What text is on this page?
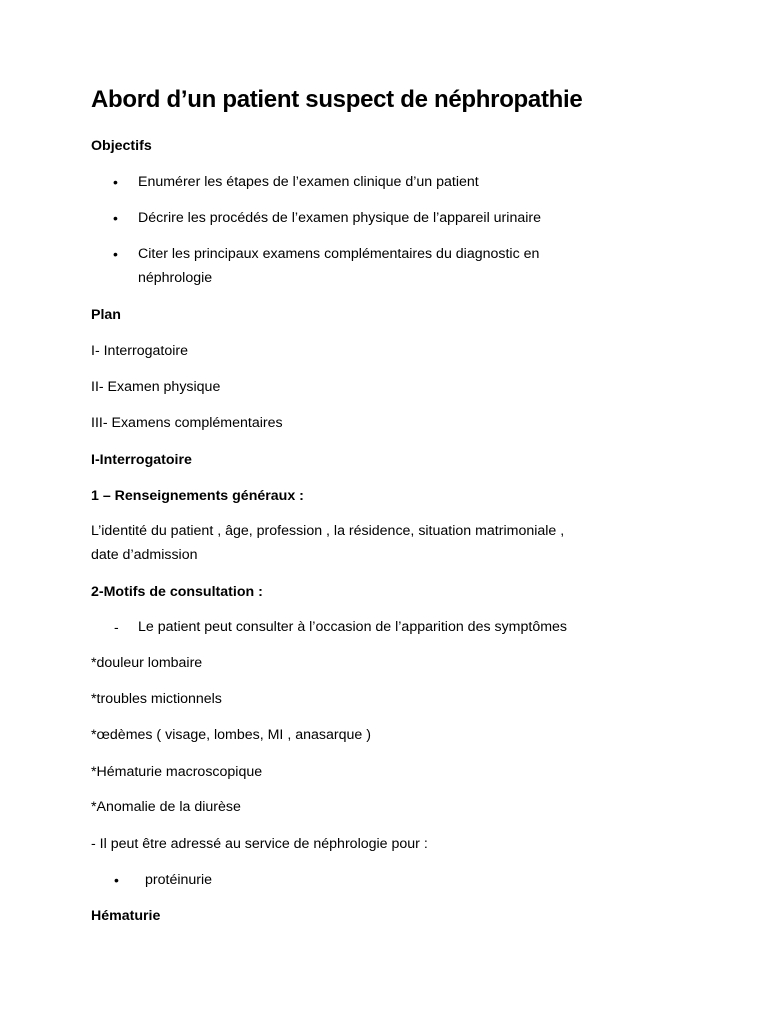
Abord d’un patient suspect de néphropathie
Objectifs
• Enumérer les étapes de l’examen clinique d’un patient
• Décrire les procédés de l’examen physique de l’appareil urinaire
• Citer les principaux examens complémentaires du diagnostic en
néphrologie
Plan
I- Interrogatoire
II- Examen physique
III- Examens complémentaires
I-Interrogatoire
1 – Renseignements généraux :
L’identité du patient , âge, profession , la résidence, situation matrimoniale ,
date d’admission
2-Motifs de consultation :
- Le patient peut consulter à l’occasion de l’apparition des symptômes
*douleur lombaire
*troubles mictionnels
*œdèmes ( visage, lombes, MI , anasarque )
*Hématurie macroscopique
*Anomalie de la diurèse
- Il peut être adressé au service de néphrologie pour :
• protéinurie
Hématurie
